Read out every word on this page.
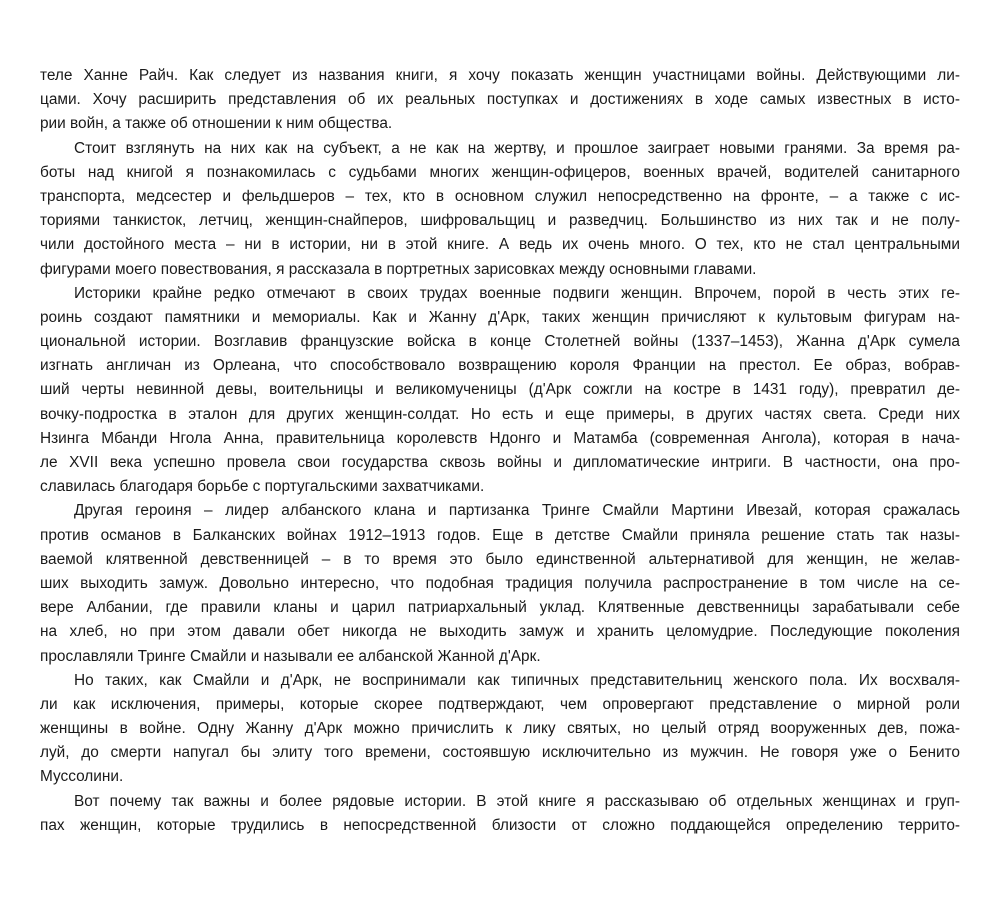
теле Ханне Райч. Как следует из названия книги, я хочу показать женщин участницами войны. Действующими ли-
цами. Хочу расширить представления об их реальных поступках и достижениях в ходе самых известных в исто-
рии войн, а также об отношении к ним общества.
Стоит взглянуть на них как на субъект, а не как на жертву, и прошлое заиграет новыми гранями. За время ра-
боты над книгой я познакомилась с судьбами многих женщин-офицеров, военных врачей, водителей санитарного
транспорта, медсестер и фельдшеров – тех, кто в основном служил непосредственно на фронте, – а также с ис-
ториями танкисток, летчиц, женщин-снайперов, шифровальщиц и разведчиц. Большинство из них так и не полу-
чили достойного места – ни в истории, ни в этой книге. А ведь их очень много. О тех, кто не стал центральными
фигурами моего повествования, я рассказала в портретных зарисовках между основными главами.
Историки крайне редко отмечают в своих трудах военные подвиги женщин. Впрочем, порой в честь этих ге-
роинь создают памятники и мемориалы. Как и Жанну д'Арк, таких женщин причисляют к культовым фигурам на-
циональной истории. Возглавив французские войска в конце Столетней войны (1337–1453), Жанна д'Арк сумела
изгнать англичан из Орлеана, что способствовало возвращению короля Франции на престол. Ее образ, вобрав-
ший черты невинной девы, воительницы и великомученицы (д'Арк сожгли на костре в 1431 году), превратил де-
вочку-подростка в эталон для других женщин-солдат. Но есть и еще примеры, в других частях света. Среди них
Нзинга Мбанди Нгола Анна, правительница королевств Ндонго и Матамба (современная Ангола), которая в нача-
ле XVII века успешно провела свои государства сквозь войны и дипломатические интриги. В частности, она про-
славилась благодаря борьбе с португальскими захватчиками.
Другая героиня – лидер албанского клана и партизанка Тринге Смайли Мартини Ивезай, которая сражалась
против османов в Балканских войнах 1912–1913 годов. Еще в детстве Смайли приняла решение стать так назы-
ваемой клятвенной девственницей – в то время это было единственной альтернативой для женщин, не желав-
ших выходить замуж. Довольно интересно, что подобная традиция получила распространение в том числе на се-
вере Албании, где правили кланы и царил патриархальный уклад. Клятвенные девственницы зарабатывали себе
на хлеб, но при этом давали обет никогда не выходить замуж и хранить целомудрие. Последующие поколения
прославляли Тринге Смайли и называли ее албанской Жанной д'Арк.
Но таких, как Смайли и д'Арк, не воспринимали как типичных представительниц женского пола. Их восхваля-
ли как исключения, примеры, которые скорее подтверждают, чем опровергают представление о мирной роли
женщины в войне. Одну Жанну д'Арк можно причислить к лику святых, но целый отряд вооруженных дев, пожа-
луй, до смерти напугал бы элиту того времени, состоявшую исключительно из мужчин. Не говоря уже о Бенито
Муссолини.
Вот почему так важны и более рядовые истории. В этой книге я рассказываю об отдельных женщинах и груп-
пах женщин, которые трудились в непосредственной близости от сложно поддающейся определению террито-
